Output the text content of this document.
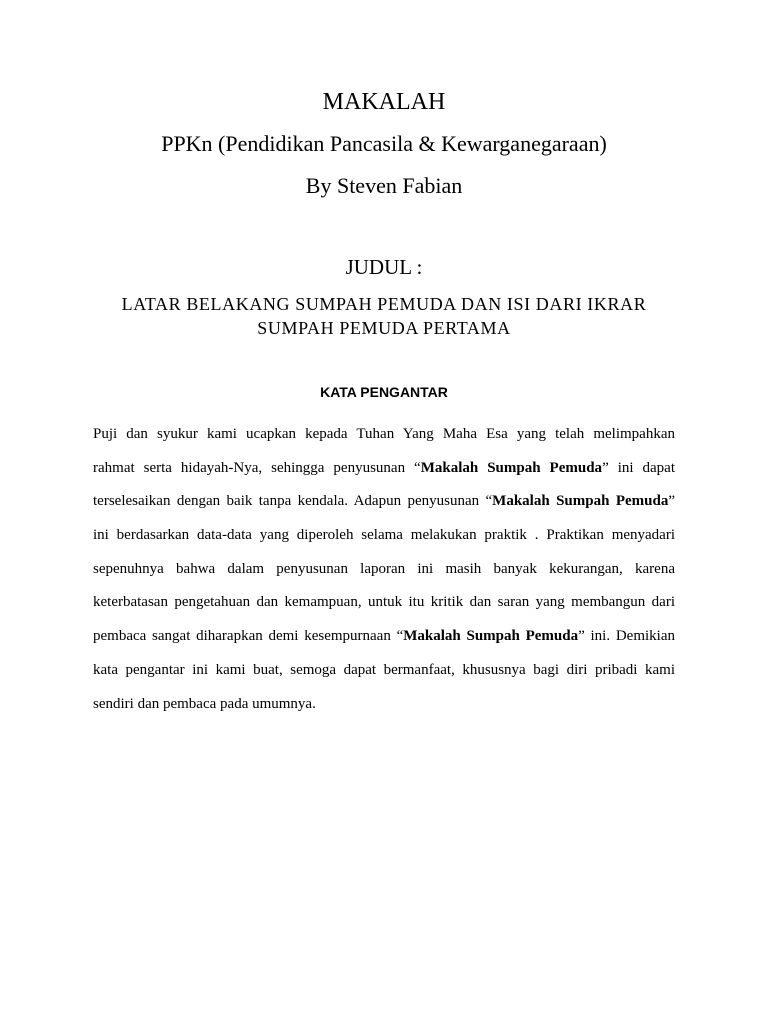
MAKALAH
PPKn (Pendidikan Pancasila & Kewarganegaraan)
By Steven Fabian
JUDUL :
LATAR BELAKANG SUMPAH PEMUDA DAN ISI DARI IKRAR
SUMPAH PEMUDA PERTAMA
KATA PENGANTAR
Puji dan syukur kami ucapkan kepada Tuhan Yang Maha Esa yang telah melimpahkan
rahmat serta hidayah-Nya, sehingga penyusunan “Makalah Sumpah Pemuda” ini dapat
terselesaikan dengan baik tanpa kendala. Adapun penyusunan “Makalah Sumpah Pemuda”
ini berdasarkan data-data yang diperoleh selama melakukan praktik . Praktikan menyadari
sepenuhnya bahwa dalam penyusunan laporan ini masih banyak kekurangan, karena
keterbatasan pengetahuan dan kemampuan, untuk itu kritik dan saran yang membangun dari
pembaca sangat diharapkan demi kesempurnaan “Makalah Sumpah Pemuda” ini. Demikian
kata pengantar ini kami buat, semoga dapat bermanfaat, khususnya bagi diri pribadi kami
sendiri dan pembaca pada umumnya.
